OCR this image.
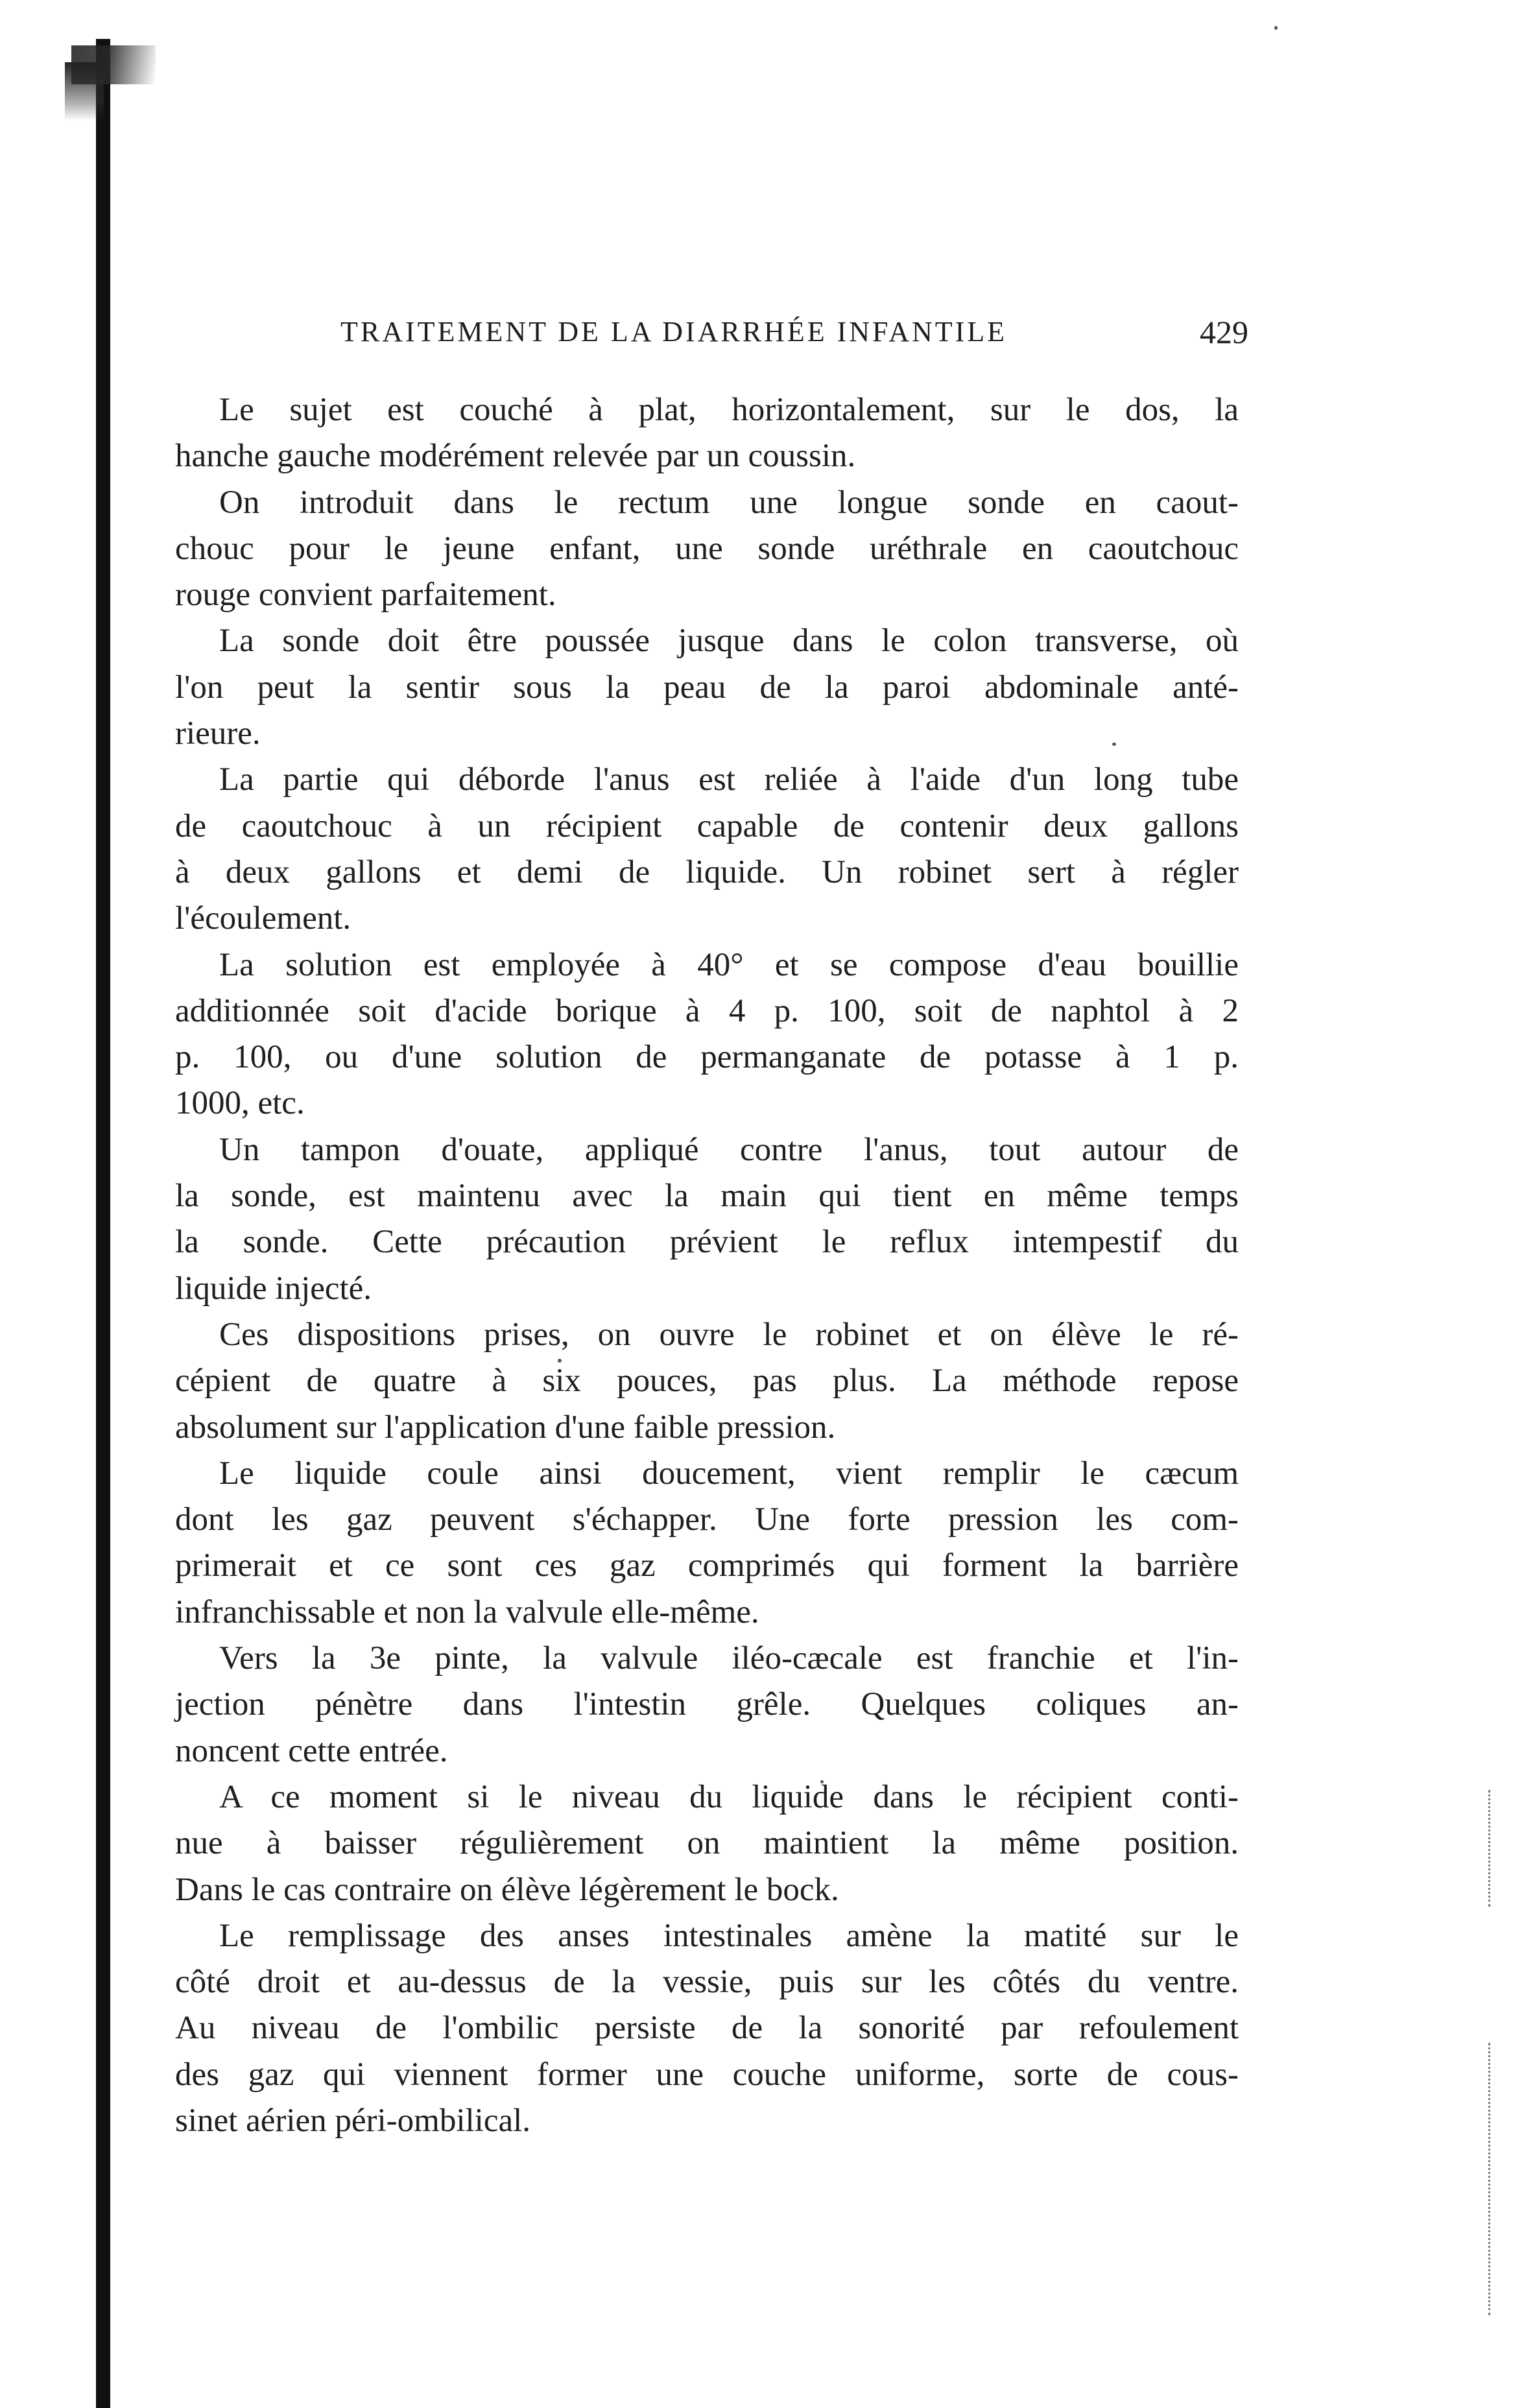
TRAITEMENT DE LA DIARRHÉE INFANTILE	429
Le sujet est couché à plat, horizontalement, sur le dos, la
hanche gauche modérément relevée par un coussin.
On introduit dans le rectum une longue sonde en caout-
chouc pour le jeune enfant, une sonde uréthrale en caoutchouc
rouge convient parfaitement.
La sonde doit être poussée jusque dans le colon transverse, où
l'on peut la sentir sous la peau de la paroi abdominale anté-
rieure.
La partie qui déborde l'anus est reliée à l'aide d'un long tube
de caoutchouc à un récipient capable de contenir deux gallons
à deux gallons et demi de liquide. Un robinet sert à régler
l'écoulement.
La solution est employée à 40° et se compose d'eau bouillie
additionnée soit d'acide borique à 4 p. 100, soit de naphtol à 2
p. 100, ou d'une solution de permanganate de potasse à 1 p.
1000, etc.
Un tampon d'ouate, appliqué contre l'anus, tout autour de
la sonde, est maintenu avec la main qui tient en même temps
la sonde. Cette précaution prévient le reflux intempestif du
liquide injecté.
Ces dispositions prises, on ouvre le robinet et on élève le ré-
cépient de quatre à six pouces, pas plus. La méthode repose
absolument sur l'application d'une faible pression.
Le liquide coule ainsi doucement, vient remplir le cæcum
dont les gaz peuvent s'échapper. Une forte pression les com-
primerait et ce sont ces gaz comprimés qui forment la barrière
infranchissable et non la valvule elle-même.
Vers la 3e pinte, la valvule iléo-cæcale est franchie et l'in-
jection pénètre dans l'intestin grêle. Quelques coliques an-
noncent cette entrée.
A ce moment si le niveau du liquide dans le récipient conti-
nue à baisser régulièrement on maintient la même position.
Dans le cas contraire on élève légèrement le bock.
Le remplissage des anses intestinales amène la matité sur le
côté droit et au-dessus de la vessie, puis sur les côtés du ventre.
Au niveau de l'ombilic persiste de la sonorité par refoulement
des gaz qui viennent former une couche uniforme, sorte de cous-
sinet aérien péri-ombilical.
